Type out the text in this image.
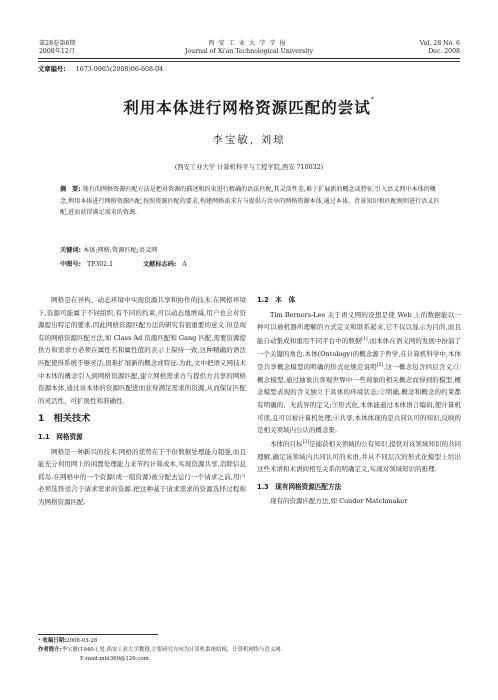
第28卷第6期
2008年12月
西安工业大学学报
Journal of Xi'an Technological University
Vol. 28 No. 6
Dec. 2008
文章编号: 1673-9965(2008)06-608-04
利用本体进行网格资源匹配的尝试*
李宝敏, 刘琼
(西安工业大学 计算机科学与工程学院,西安 710032)
摘　要: 现有的网格资源匹配方法是把对资源的描述和约束进行精确的语法匹配,其灵活性差,难于扩展新的概念或特征.引入语义网中本体的概念,利用本体进行网格资源匹配,按照资源匹配的要求,构建网格需求方与提供方共享的网格资源本体,通过本体、背景知识和匹配规则进行语义匹配,进而获得满足需求的资源.
关键词: 本体;网格;资源匹配;语义网
中图号: TP302.1	文献标志码: A

网格是在异构、动态环境中实现资源共享和协作的技术.在网格环境下,资源可能属于不同组织,有不同的约束,可以动态地增减,用户也会对资源提出特定的要求.因此网格资源匹配方法的研究有很重要的意义.但是现有的网格资源匹配方法,如 Class Ad 资源匹配和 Gang 匹配,需要资源提供方和需求方必须在属性名和属性值的表示上保持一致,这种精确的语法匹配使得系统不够灵活,很难扩展新的概念或特征.为此,文中把语义网技术中本体的概念引入到网格资源匹配,建立网格需求方与提供方共享的网格资源本体,通过该本体的资源匹配进而获得满足需求的资源,从而保证匹配的灵活性、可扩展性和准确性.

1　相关技术
1.1　网格资源

网格是一种新兴的技术.网格的优势在于不但数据处理能力超强,而且能充分利用网上的闲置处理能力来节约计算成本,实现资源共享,消除信息孤岛.在网格中的一个资源(或一组资源)被分配去运行一个请求之前,用户必须选择适合于请求需求的资源.把这种基于请求需求的资源选择过程称为网格资源匹配.

1.2　本　体

Tim Berners-Lee 关于语义网的设想是使 Web 上的数据能以一种可以被机器所理解的方式定义和联系起来,它不仅以显示为目的,而且能自动集成和重用不同平台中的数据[1].而本体在语义网的发展中扮演了一个关键的角色.本体(Ontology)的概念源于哲学,在计算机科学中,本体是共享概念模型的明确的形式化规范说明[2].这一概念包含四层含义:①概念模型,通过抽象出客观世界中一些现象的相关概念而得到的模型,概念模型表现的含义独立于具体的环境状态;②明确,概念和概念的约束都有明确的、无歧异的定义;③形式化,本体能通过本体语言编码,使计算机可读,且可以被计算机处理;④共享,本体体现的是共同认可的知识,反映的是相关领域内公认的概念集.

本体的目标[3]是捕获相关领域的公有知识,提供对该领域知识的共同理解,确定该领域内共同认可的术语,并从不同层次的形式化模型上给出这些术语和术语间相互关系的明确定义,实现对领域知识的推理.

1.3　现有网格资源匹配方法

现有的资源匹配方法,如 Condor Matchmaker

* 收稿日期:2008-03-28
作者简介:李宝敏(1940-),男,西安工业大学教授,主要研究方向为计算机系统结构、计算机网络与语义网.
E-mail:mbl369@126.com.
